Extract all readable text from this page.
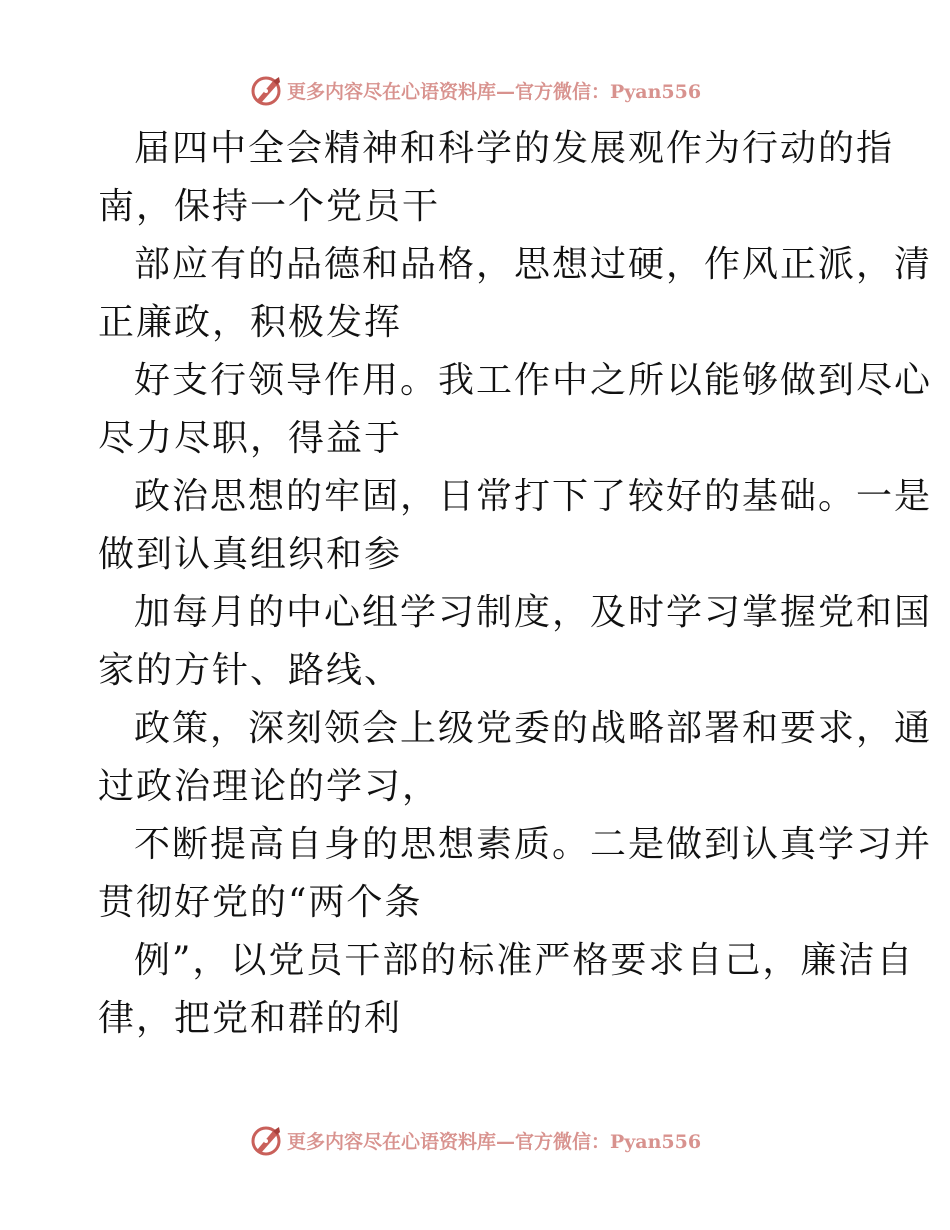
更多内容尽在心语资料库—官方微信：Pyan556
届四中全会精神和科学的发展观作为行动的指
南，保持一个党员干
部应有的品德和品格，思想过硬，作风正派，清
正廉政，积极发挥
好支行领导作用。我工作中之所以能够做到尽心
尽力尽职，得益于
政治思想的牢固，日常打下了较好的基础。一是
做到认真组织和参
加每月的中心组学习制度，及时学习掌握党和国
家的方针、路线、
政策，深刻领会上级党委的战略部署和要求，通
过政治理论的学习，
不断提高自身的思想素质。二是做到认真学习并
贯彻好党的“两个条
例”，以党员干部的标准严格要求自己，廉洁自
律，把党和群的利
更多内容尽在心语资料库—官方微信：Pyan556
